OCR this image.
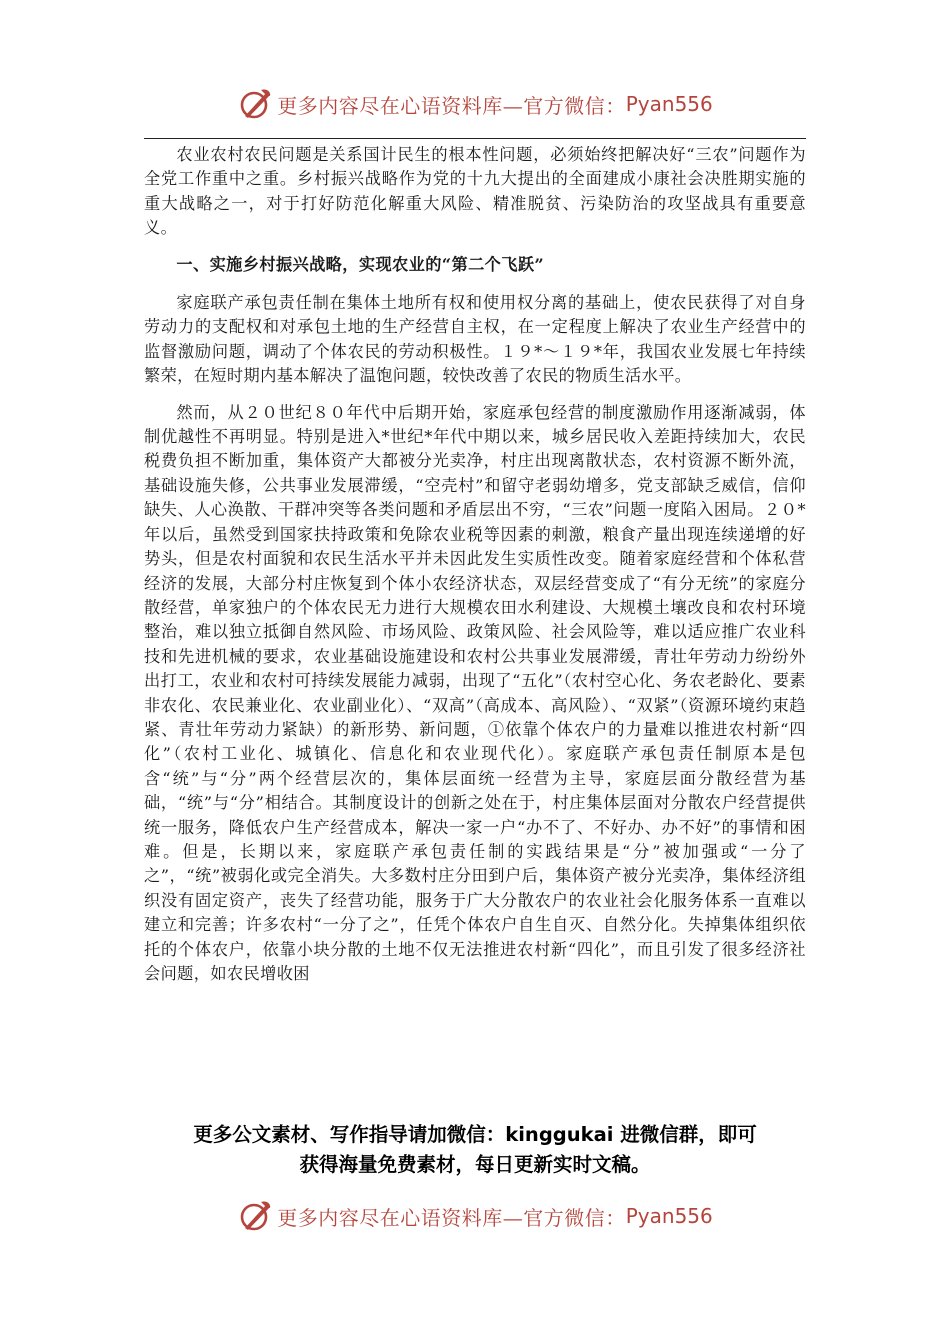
更多内容尽在心语资料库—官方微信： Pyan556

农业农村农民问题是关系国计民生的根本性问题，必须始终把解决好“三农”问题作为全党工作重中之重。乡村振兴战略作为党的十九大提出的全面建成小康社会决胜期实施的重大战略之一，对于打好防范化解重大风险、精准脱贫、污染防治的攻坚战具有重要意义。

一、实施乡村振兴战略，实现农业的“第二个飞跃”

家庭联产承包责任制在集体土地所有权和使用权分离的基础上，使农民获得了对自身劳动力的支配权和对承包土地的生产经营自主权，在一定程度上解决了农业生产经营中的监督激励问题，调动了个体农民的劳动积极性。１９*～１９*年，我国农业发展七年持续繁荣，在短时期内基本解决了温饱问题，较快改善了农民的物质生活水平。

然而，从２０世纪８０年代中后期开始，家庭承包经营的制度激励作用逐渐减弱，体制优越性不再明显。特别是进入*世纪*年代中期以来，城乡居民收入差距持续加大，农民税费负担不断加重，集体资产大都被分光卖净，村庄出现离散状态，农村资源不断外流，基础设施失修，公共事业发展滞缓，“空壳村”和留守老弱幼增多，党支部缺乏威信，信仰缺失、人心涣散、干群冲突等各类问题和矛盾层出不穷，“三农”问题一度陷入困局。２０*年以后，虽然受到国家扶持政策和免除农业税等因素的刺激，粮食产量出现连续递增的好势头，但是农村面貌和农民生活水平并未因此发生实质性改变。随着家庭经营和个体私营经济的发展，大部分村庄恢复到个体小农经济状态，双层经营变成了“有分无统”的家庭分散经营，单家独户的个体农民无力进行大规模农田水利建设、大规模土壤改良和农村环境整治，难以独立抵御自然风险、市场风险、政策风险、社会风险等，难以适应推广农业科技和先进机械的要求，农业基础设施建设和农村公共事业发展滞缓，青壮年劳动力纷纷外出打工，农业和农村可持续发展能力减弱，出现了“五化”（农村空心化、务农老龄化、要素非农化、农民兼业化、农业副业化）、“双高”（高成本、高风险）、“双紧”（资源环境约束趋紧、青壮年劳动力紧缺）的新形势、新问题，①依靠个体农户的力量难以推进农村新“四化”（农村工业化、城镇化、信息化和农业现代化）。家庭联产承包责任制原本是包含“统”与“分”两个经营层次的，集体层面统一经营为主导，家庭层面分散经营为基础，“统”与“分”相结合。其制度设计的创新之处在于，村庄集体层面对分散农户经营提供统一服务，降低农户生产经营成本，解决一家一户“办不了、不好办、办不好”的事情和困难。但是，长期以来，家庭联产承包责任制的实践结果是“分”被加强或“一分了之”，“统”被弱化或完全消失。大多数村庄分田到户后，集体资产被分光卖净，集体经济组织没有固定资产，丧失了经营功能，服务于广大分散农户的农业社会化服务体系一直难以建立和完善；许多农村“一分了之”，任凭个体农户自生自灭、自然分化。失掉集体组织依托的个体农户，依靠小块分散的土地不仅无法推进农村新“四化”，而且引发了很多经济社会问题，如农民增收困

更多公文素材、写作指导请加微信：kinggukai 进微信群，即可
获得海量免费素材，每日更新实时文稿。
更多内容尽在心语资料库—官方微信： Pyan556
